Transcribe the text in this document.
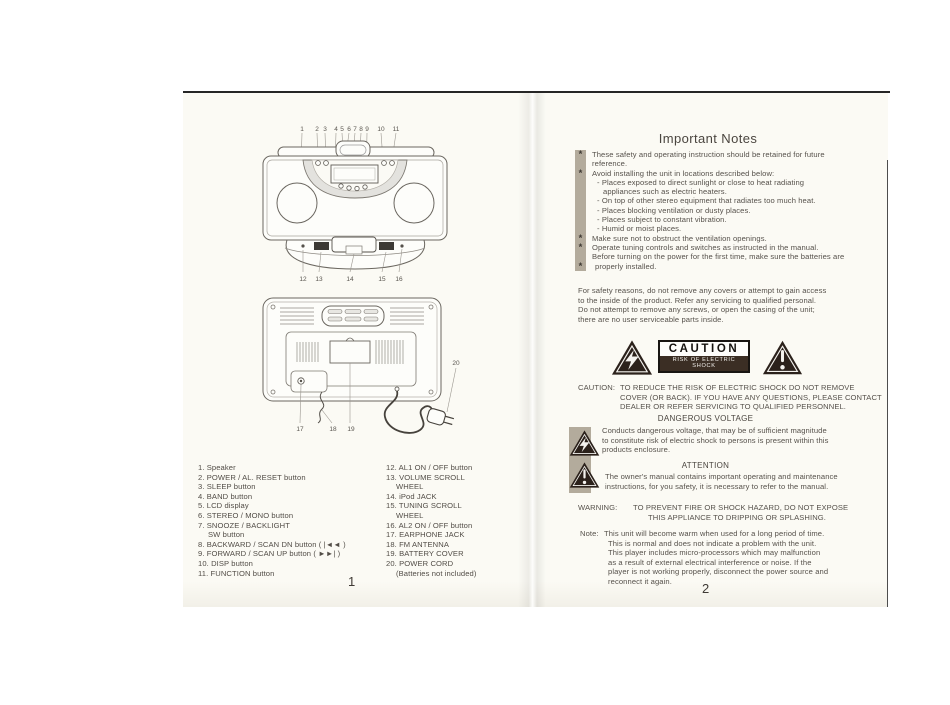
1 2 3 4 5 6 7 8 9 10 11
12 13	14	15 16
17	18 19
20
1. Speaker
2. POWER / AL. RESET button
3. SLEEP button
4. BAND button
5. LCD display
6. STEREO / MONO button
7. SNOOZE / BACKLIGHT
SW button
8. BACKWARD / SCAN DN button ( |◄◄ )
9. FORWARD / SCAN UP button ( ►►| )
10. DISP button
11. FUNCTION button
12. AL1 ON / OFF button
13. VOLUME SCROLL
WHEEL
14. iPod JACK
15. TUNING SCROLL
WHEEL
16. AL2 ON / OFF button
17. EARPHONE JACK
18. FM ANTENNA
19. BATTERY COVER
20. POWER CORD
(Batteries not included)
1
Important Notes
*	These safety and operating instruction should be retained for future
reference.
*	Avoid installing the unit in locations described below:
- Places exposed to direct sunlight or close to heat radiating
appliances such as electric heaters.
- On top of other stereo equipment that radiates too much heat.
- Places blocking ventilation or dusty places.
- Places subject to constant vibration.
- Humid or moist places.
*	Make sure not to obstruct the ventilation openings.
*	Operate tuning controls and switches as instructed in the manual.
Before turning on the power for the first time, make sure the batteries are
*	properly installed.
For safety reasons, do not remove any covers or attempt to gain access
to the inside of the product. Refer any servicing to qualified personal.
Do not attempt to remove any screws, or open the casing of the unit;
there are no user serviceable parts inside.
CAUTION
RISK OF ELECTRIC
SHOCK
CAUTION: TO REDUCE THE RISK OF ELECTRIC SHOCK DO NOT REMOVE
COVER (OR BACK). IF YOU HAVE ANY QUESTIONS, PLEASE CONTACT
DEALER OR REFER SERVICING TO QUALIFIED PERSONNEL.
DANGEROUS VOLTAGE
Conducts dangerous voltage, that may be of sufficient magnitude
to constitute risk of electric shock to persons is present within this
products enclosure.
ATTENTION
The owner's manual contains important operating and maintenance
instructions, for you safety, it is necessary to refer to the manual.
WARNING:	TO PREVENT FIRE OR SHOCK HAZARD, DO NOT EXPOSE
THIS APPLIANCE TO DRIPPING OR SPLASHING.
Note: This unit will become warm when used for a long period of time.
This is normal and does not indicate a problem with the unit.
This player includes micro-processors which may malfunction
as a result of external electrical interference or noise. If the
player is not working properly, disconnect the power source and
reconnect it again.	2
